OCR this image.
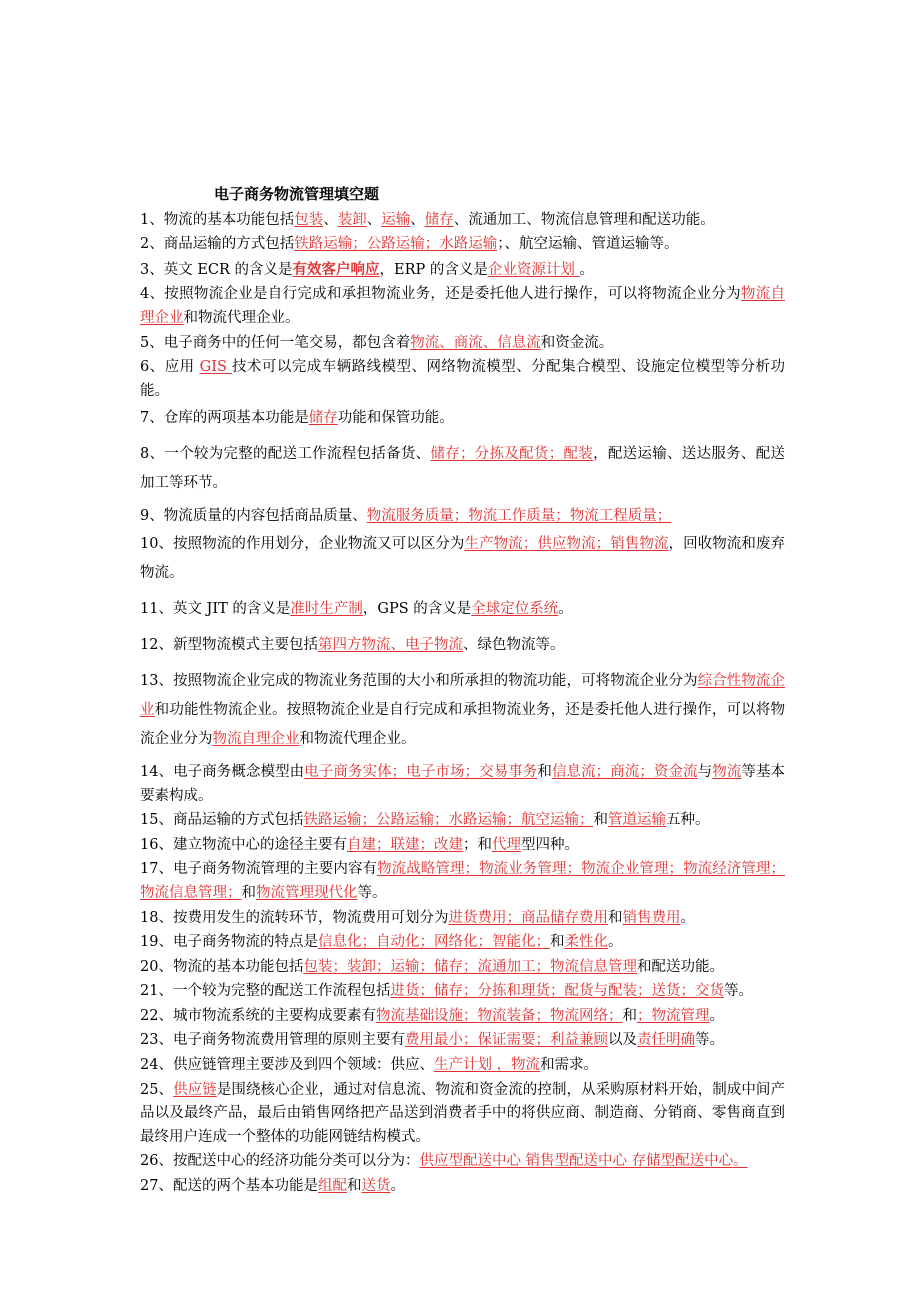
电子商务物流管理填空题
1、物流的基本功能包括包装、装卸、运输、储存、流通加工、物流信息管理和配送功能。
2、商品运输的方式包括铁路运输；公路运输；水路运输；、航空运输、管道运输等。
3、英文 ECR 的含义是有效客户响应，ERP 的含义是企业资源计划 。
4、按照物流企业是自行完成和承担物流业务，还是委托他人进行操作，可以将物流企业分为物流自理企业和物流代理企业。
5、电子商务中的任何一笔交易，都包含着物流、商流、信息流和资金流。
6、应用 GIS 技术可以完成车辆路线模型、网络物流模型、分配集合模型、设施定位模型等分析功能。
7、仓库的两项基本功能是储存功能和保管功能。
8、一个较为完整的配送工作流程包括备货、储存；分拣及配货；配装，配送运输、送达服务、配送加工等环节。
9、物流质量的内容包括商品质量、物流服务质量；物流工作质量；物流工程质量；
10、按照物流的作用划分，企业物流又可以区分为生产物流；供应物流；销售物流，回收物流和废弃物流。
11、英文 JIT 的含义是准时生产制，GPS 的含义是全球定位系统。
12、新型物流模式主要包括第四方物流、电子物流、绿色物流等。
13、按照物流企业完成的物流业务范围的大小和所承担的物流功能，可将物流企业分为综合性物流企业和功能性物流企业。按照物流企业是自行完成和承担物流业务，还是委托他人进行操作，可以将物流企业分为物流自理企业和物流代理企业。
14、电子商务概念模型由电子商务实体；电子市场；交易事务和信息流；商流；资金流与物流等基本要素构成。
15、商品运输的方式包括铁路运输；公路运输；水路运输；航空运输；和管道运输五种。
16、建立物流中心的途径主要有自建；联建；改建；和代理型四种。
17、电子商务物流管理的主要内容有物流战略管理；物流业务管理；物流企业管理；物流经济管理；物流信息管理；和物流管理现代化等。
18、按费用发生的流转环节，物流费用可划分为进货费用；商品储存费用和销售费用。
19、电子商务物流的特点是信息化；自动化；网络化；智能化；和柔性化。
20、物流的基本功能包括包装；装卸；运输；储存；流通加工；物流信息管理和配送功能。
21、一个较为完整的配送工作流程包括进货；储存；分拣和理货；配货与配装；送货；交货等。
22、城市物流系统的主要构成要素有物流基础设施；物流装备；物流网络；和；物流管理。
23、电子商务物流费用管理的原则主要有费用最小；保证需要；利益兼顾以及责任明确等。
24、供应链管理主要涉及到四个领域：供应、生产计划 ，物流和需求。
25、供应链是围绕核心企业，通过对信息流、物流和资金流的控制，从采购原材料开始，制成中间产品以及最终产品，最后由销售网络把产品送到消费者手中的将供应商、制造商、分销商、零售商直到最终用户连成一个整体的功能网链结构模式。
26、按配送中心的经济功能分类可以分为：供应型配送中心 销售型配送中心 存储型配送中心。
27、配送的两个基本功能是组配和送货。
